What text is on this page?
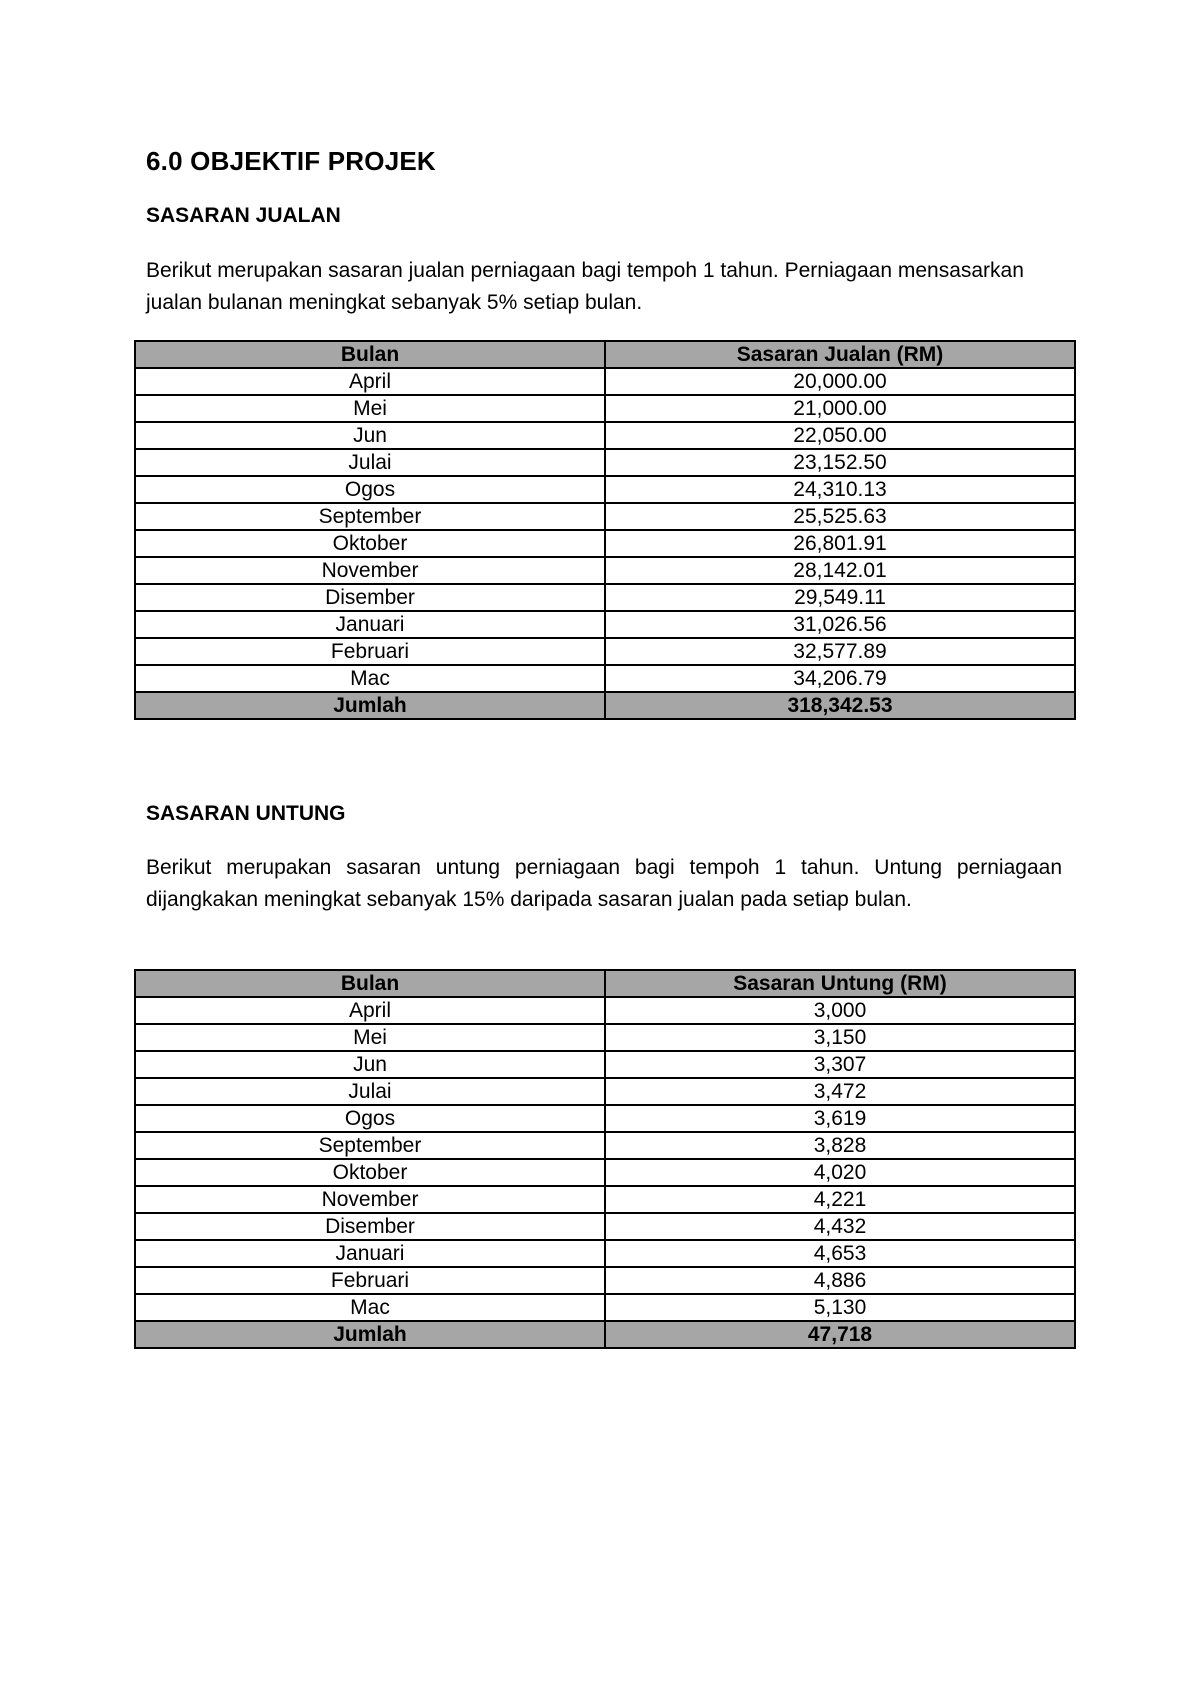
6.0 OBJEKTIF PROJEK
SASARAN JUALAN
Berikut merupakan sasaran jualan perniagaan bagi tempoh 1 tahun. Perniagaan mensasarkan jualan bulanan meningkat sebanyak 5% setiap bulan.
Bulan	Sasaran Jualan (RM)
April	20,000.00
Mei	21,000.00
Jun	22,050.00
Julai	23,152.50
Ogos	24,310.13
September	25,525.63
Oktober	26,801.91
November	28,142.01
Disember	29,549.11
Januari	31,026.56
Februari	32,577.89
Mac	34,206.79
Jumlah	318,342.53
SASARAN UNTUNG
Berikut merupakan sasaran untung perniagaan bagi tempoh 1 tahun. Untung perniagaan dijangkakan meningkat sebanyak 15% daripada sasaran jualan pada setiap bulan.
Bulan	Sasaran Untung (RM)
April	3,000
Mei	3,150
Jun	3,307
Julai	3,472
Ogos	3,619
September	3,828
Oktober	4,020
November	4,221
Disember	4,432
Januari	4,653
Februari	4,886
Mac	5,130
Jumlah	47,718
